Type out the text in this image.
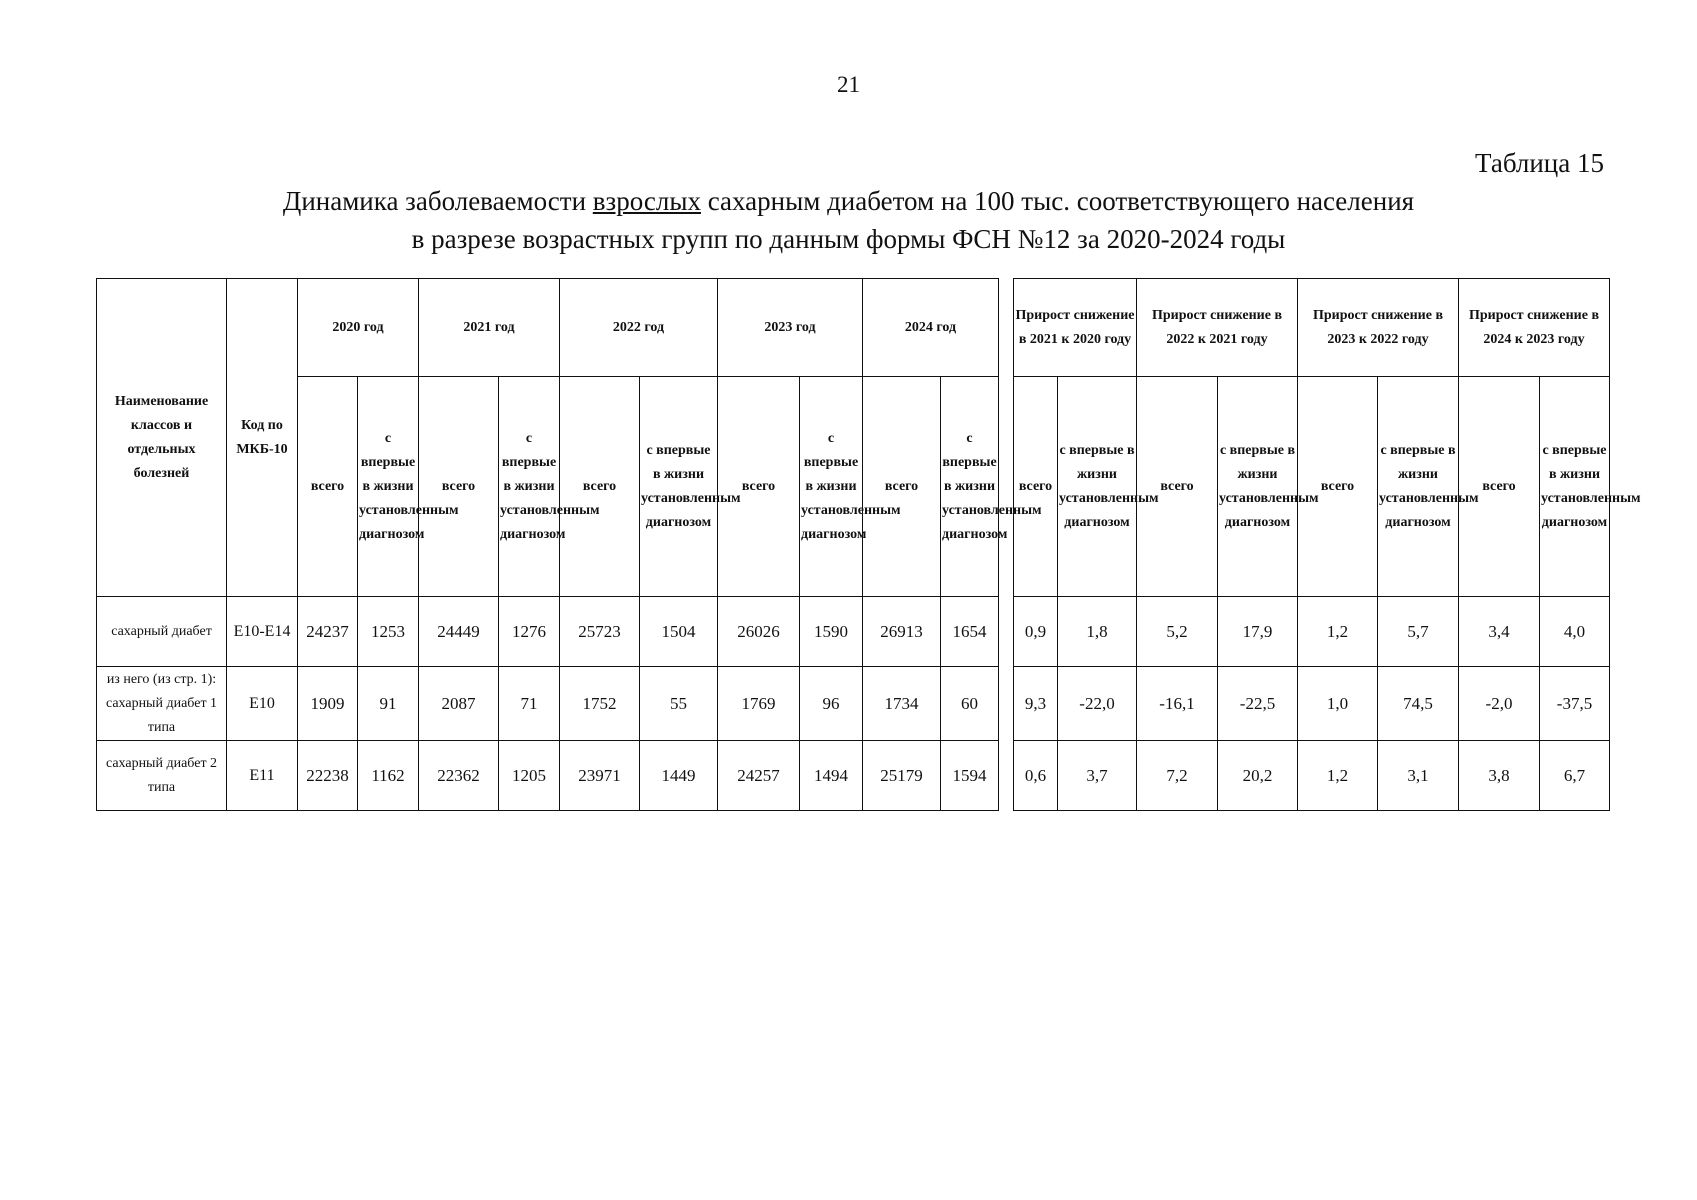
21
Таблица 15
Динамика заболеваемости взрослых сахарным диабетом на 100 тыс. соответствующего населения
в разрезе возрастных групп по данным формы ФСН №12 за 2020-2024 годы
Наименование классов и отдельных болезней	Код по МКБ-10	2020 год		2021 год		2022 год		2023 год		2024 год	
		всего	с впервые в жизни установленным диагнозом	всего	с впервые в жизни установленным диагнозом	всего	с впервые в жизни установленным диагнозом	всего	с впервые в жизни установленным диагнозом	всего	с впервые в жизни установленным диагнозом
сахарный диабет	Е10-Е14	24237	1253	24449	1276	25723	1504	26026	1590	26913	1654
из него (из стр. 1): сахарный диабет 1 типа	Е10	1909	91	2087	71	1752	55	1769	96	1734	60
сахарный диабет 2 типа	Е11	22238	1162	22362	1205	23971	1449	24257	1494	25179	1594
Прирост снижение в 2021 к 2020 году		Прирост снижение в 2022 к 2021 году		Прирост снижение в 2023 к 2022 году		Прирост снижение в 2024 к 2023 году	
всего	с впервые в жизни установленным диагнозом	всего	с впервые в жизни установленным диагнозом	всего	с впервые в жизни установленным диагнозом	всего	с впервые в жизни установленным диагнозом
0,9	1,8	5,2	17,9	1,2	5,7	3,4	4,0
9,3	-22,0	-16,1	-22,5	1,0	74,5	-2,0	-37,5
0,6	3,7	7,2	20,2	1,2	3,1	3,8	6,7
